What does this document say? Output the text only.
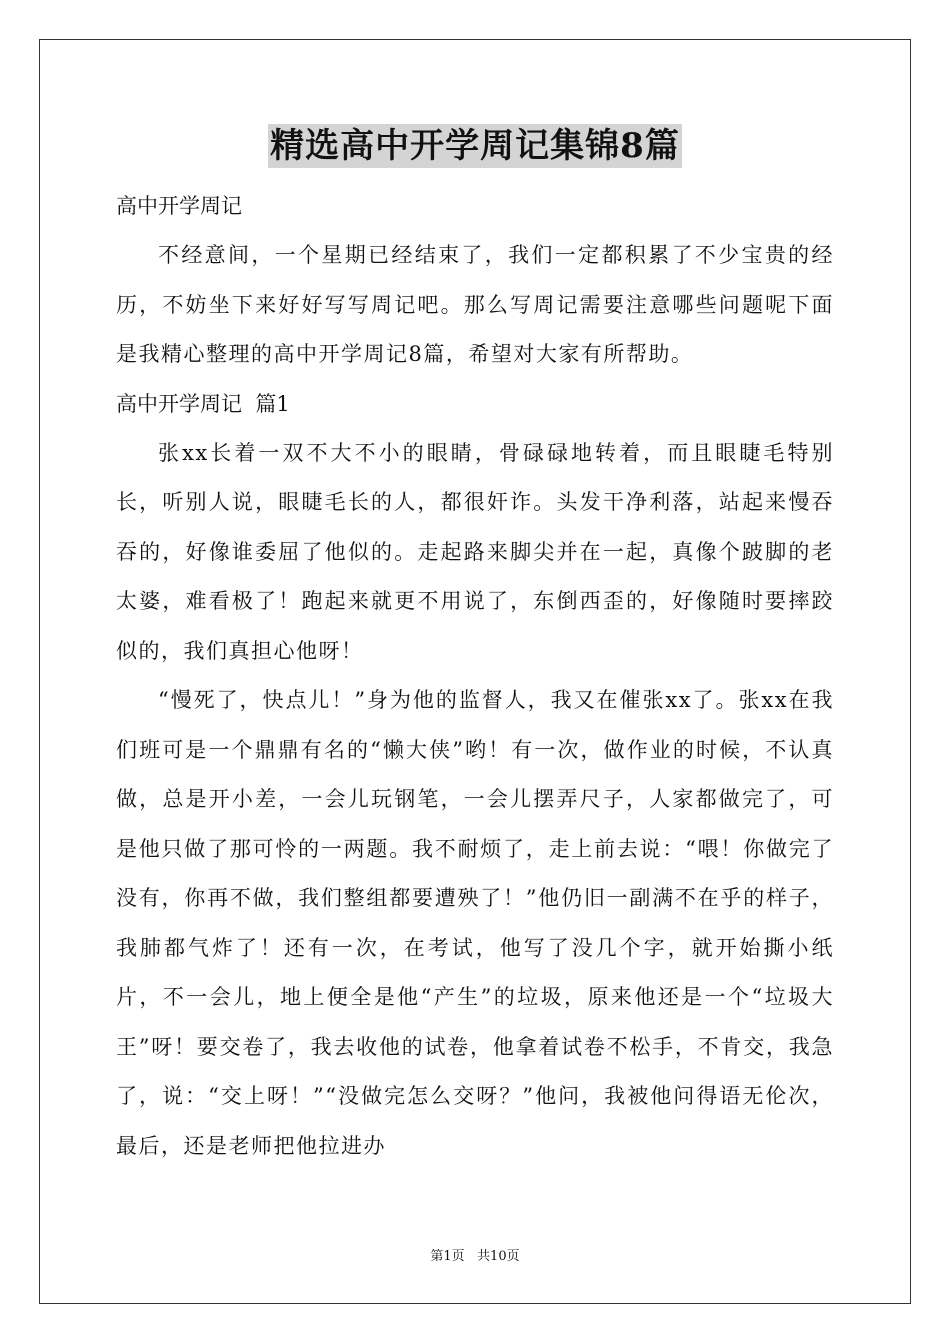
精选高中开学周记集锦8篇

高中开学周记

不经意间，一个星期已经结束了，我们一定都积累了不少宝贵的经历，不妨坐下来好好写写周记吧。那么写周记需要注意哪些问题呢下面是我精心整理的高中开学周记8篇，希望对大家有所帮助。

高中开学周记  篇1

张xx长着一双不大不小的眼睛，骨碌碌地转着，而且眼睫毛特别长，听别人说，眼睫毛长的人，都很奸诈。头发干净利落，站起来慢吞吞的，好像谁委屈了他似的。走起路来脚尖并在一起，真像个跛脚的老太婆，难看极了！跑起来就更不用说了，东倒西歪的，好像随时要摔跤似的，我们真担心他呀！

“慢死了，快点儿！”身为他的监督人，我又在催张xx了。张xx在我们班可是一个鼎鼎有名的“懒大侠”哟！有一次，做作业的时候，不认真做，总是开小差，一会儿玩钢笔，一会儿摆弄尺子，人家都做完了，可是他只做了那可怜的一两题。我不耐烦了，走上前去说：“喂！你做完了没有，你再不做，我们整组都要遭殃了！”他仍旧一副满不在乎的样子，我肺都气炸了！还有一次，在考试，他写了没几个字，就开始撕小纸片，不一会儿，地上便全是他“产生”的垃圾，原来他还是一个“垃圾大王”呀！要交卷了，我去收他的试卷，他拿着试卷不松手，不肯交，我急了，说：“交上呀！”“没做完怎么交呀？”他问，我被他问得语无伦次，最后，还是老师把他拉进办

第1页   共10页
